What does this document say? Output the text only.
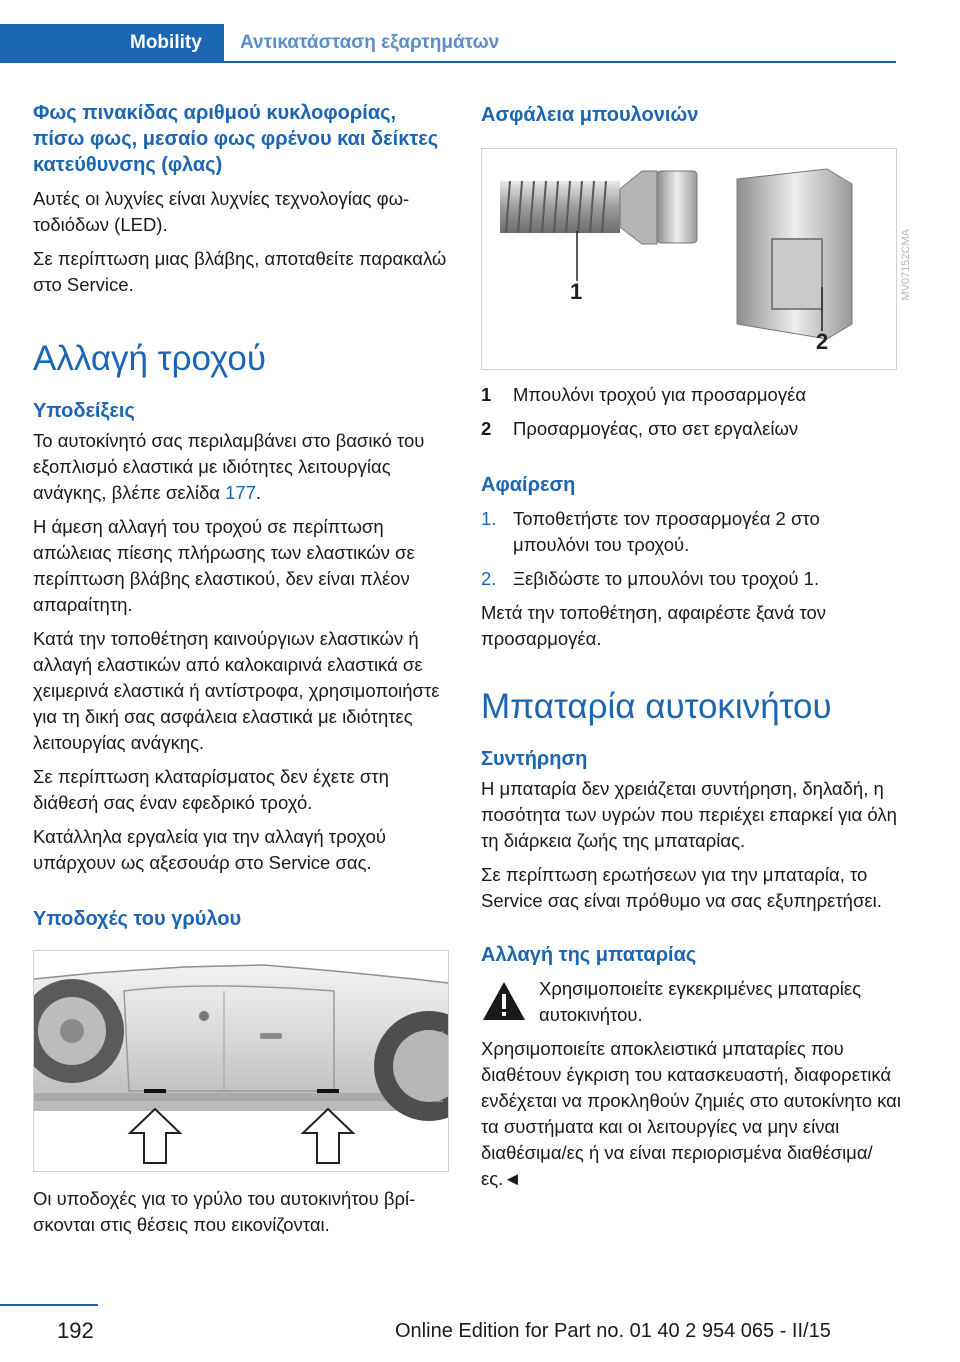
Mobility	Αντικατάσταση εξαρτημάτων
Φως πινακίδας αριθμού κυκλοφορίας, πίσω φως, μεσαίο φως φρένου και δείκτες κατεύθυνσης (φλας)

Αυτές οι λυχνίες είναι λυχνίες τεχνολογίας φωτοδιόδων (LED).

Σε περίπτωση μιας βλάβης, αποταθείτε παρακαλώ στο Service.

Αλλαγή τροχού
Υποδείξεις

Το αυτοκίνητό σας περιλαμβάνει στο βασικό του εξοπλισμό ελαστικά με ιδιότητες λειτουργίας ανάγκης, βλέπε σελίδα 177.

Η άμεση αλλαγή του τροχού σε περίπτωση απώλειας πίεσης πλήρωσης των ελαστικών σε περίπτωση βλάβης ελαστικού, δεν είναι πλέον απαραίτητη.

Κατά την τοποθέτηση καινούργιων ελαστικών ή αλλαγή ελαστικών από καλοκαιρινά ελαστικά σε χειμερινά ελαστικά ή αντίστροφα, χρησιμοποιήστε για τη δική σας ασφάλεια ελαστικά με ιδιότητες λειτουργίας ανάγκης.

Σε περίπτωση κλαταρίσματος δεν έχετε στη διάθεσή σας έναν εφεδρικό τροχό.

Κατάλληλα εργαλεία για την αλλαγή τροχού υπάρχουν ως αξεσουάρ στο Service σας.

Υποδοχές του γρύλου
MV05225CMA

Οι υποδοχές για το γρύλο του αυτοκινήτου βρίσκονται στις θέσεις που εικονίζονται.

Ασφάλεια μπουλονιών
1
2
MV07152CMA
1	Μπουλόνι τροχού για προσαρμογέα
2	Προσαρμογέας, στο σετ εργαλείων
Αφαίρεση
1. Τοποθετήστε τον προσαρμογέα 2 στο μπουλόνι του τροχού.
2. Ξεβιδώστε το μπουλόνι του τροχού 1.

Μετά την τοποθέτηση, αφαιρέστε ξανά τον προσαρμογέα.

Μπαταρία αυτοκινήτου
Συντήρηση

Η μπαταρία δεν χρειάζεται συντήρηση, δηλαδή, η ποσότητα των υγρών που περιέχει επαρκεί για όλη τη διάρκεια ζωής της μπαταρίας.

Σε περίπτωση ερωτήσεων για την μπαταρία, το Service σας είναι πρόθυμο να σας εξυπηρετήσει.

Αλλαγή της μπαταρίας

Χρησιμοποιείτε εγκεκριμένες μπαταρίες αυτοκινήτου.

Χρησιμοποιείτε αποκλειστικά μπαταρίες που διαθέτουν έγκριση του κατασκευαστή, διαφορετικά ενδέχεται να προκληθούν ζημιές στο αυτοκίνητο και τα συστήματα και οι λειτουργίες να μην είναι διαθέσιμα/ες ή να είναι περιορισμένα διαθέσιμα/ες.◄

192	Online Edition for Part no. 01 40 2 954 065 - II/15
